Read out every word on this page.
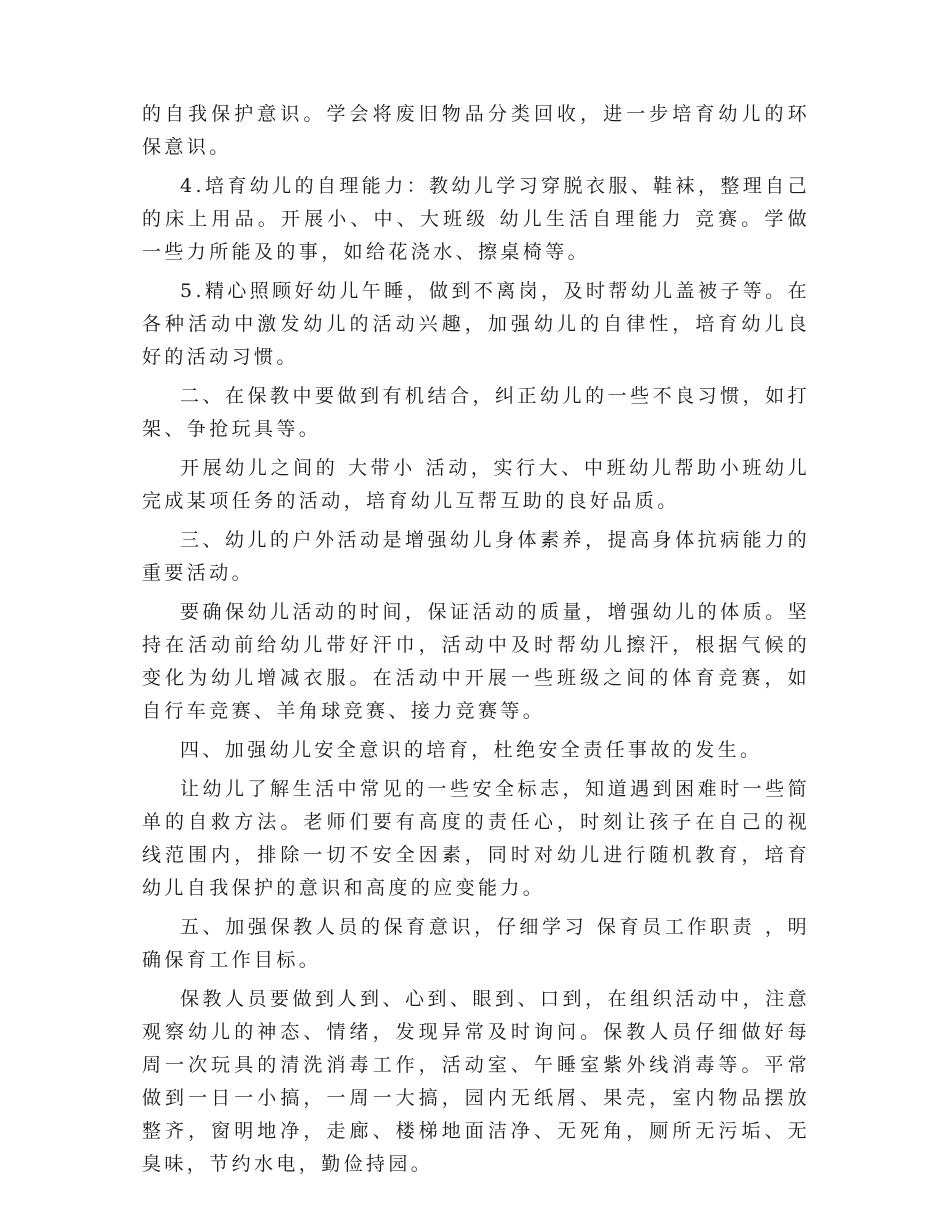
的自我保护意识。学会将废旧物品分类回收，进一步培育幼儿的环保意识。

4.培育幼儿的自理能力：教幼儿学习穿脱衣服、鞋袜，整理自己的床上用品。开展小、中、大班级 幼儿生活自理能力 竞赛。学做一些力所能及的事，如给花浇水、擦桌椅等。

5.精心照顾好幼儿午睡，做到不离岗，及时帮幼儿盖被子等。在各种活动中激发幼儿的活动兴趣，加强幼儿的自律性，培育幼儿良好的活动习惯。

二、在保教中要做到有机结合，纠正幼儿的一些不良习惯，如打架、争抢玩具等。

开展幼儿之间的 大带小 活动，实行大、中班幼儿帮助小班幼儿完成某项任务的活动，培育幼儿互帮互助的良好品质。

三、幼儿的户外活动是增强幼儿身体素养，提高身体抗病能力的重要活动。

要确保幼儿活动的时间，保证活动的质量，增强幼儿的体质。坚持在活动前给幼儿带好汗巾，活动中及时帮幼儿擦汗，根据气候的变化为幼儿增减衣服。在活动中开展一些班级之间的体育竞赛，如自行车竞赛、羊角球竞赛、接力竞赛等。

四、加强幼儿安全意识的培育，杜绝安全责任事故的发生。

让幼儿了解生活中常见的一些安全标志，知道遇到困难时一些简单的自救方法。老师们要有高度的责任心，时刻让孩子在自己的视线范围内，排除一切不安全因素，同时对幼儿进行随机教育，培育幼儿自我保护的意识和高度的应变能力。

五、加强保教人员的保育意识，仔细学习 保育员工作职责 ，明确保育工作目标。

保教人员要做到人到、心到、眼到、口到，在组织活动中，注意观察幼儿的神态、情绪，发现异常及时询问。保教人员仔细做好每周一次玩具的清洗消毒工作，活动室、午睡室紫外线消毒等。平常做到一日一小搞，一周一大搞，园内无纸屑、果壳，室内物品摆放整齐，窗明地净，走廊、楼梯地面洁净、无死角，厕所无污垢、无臭味，节约水电，勤俭持园。
